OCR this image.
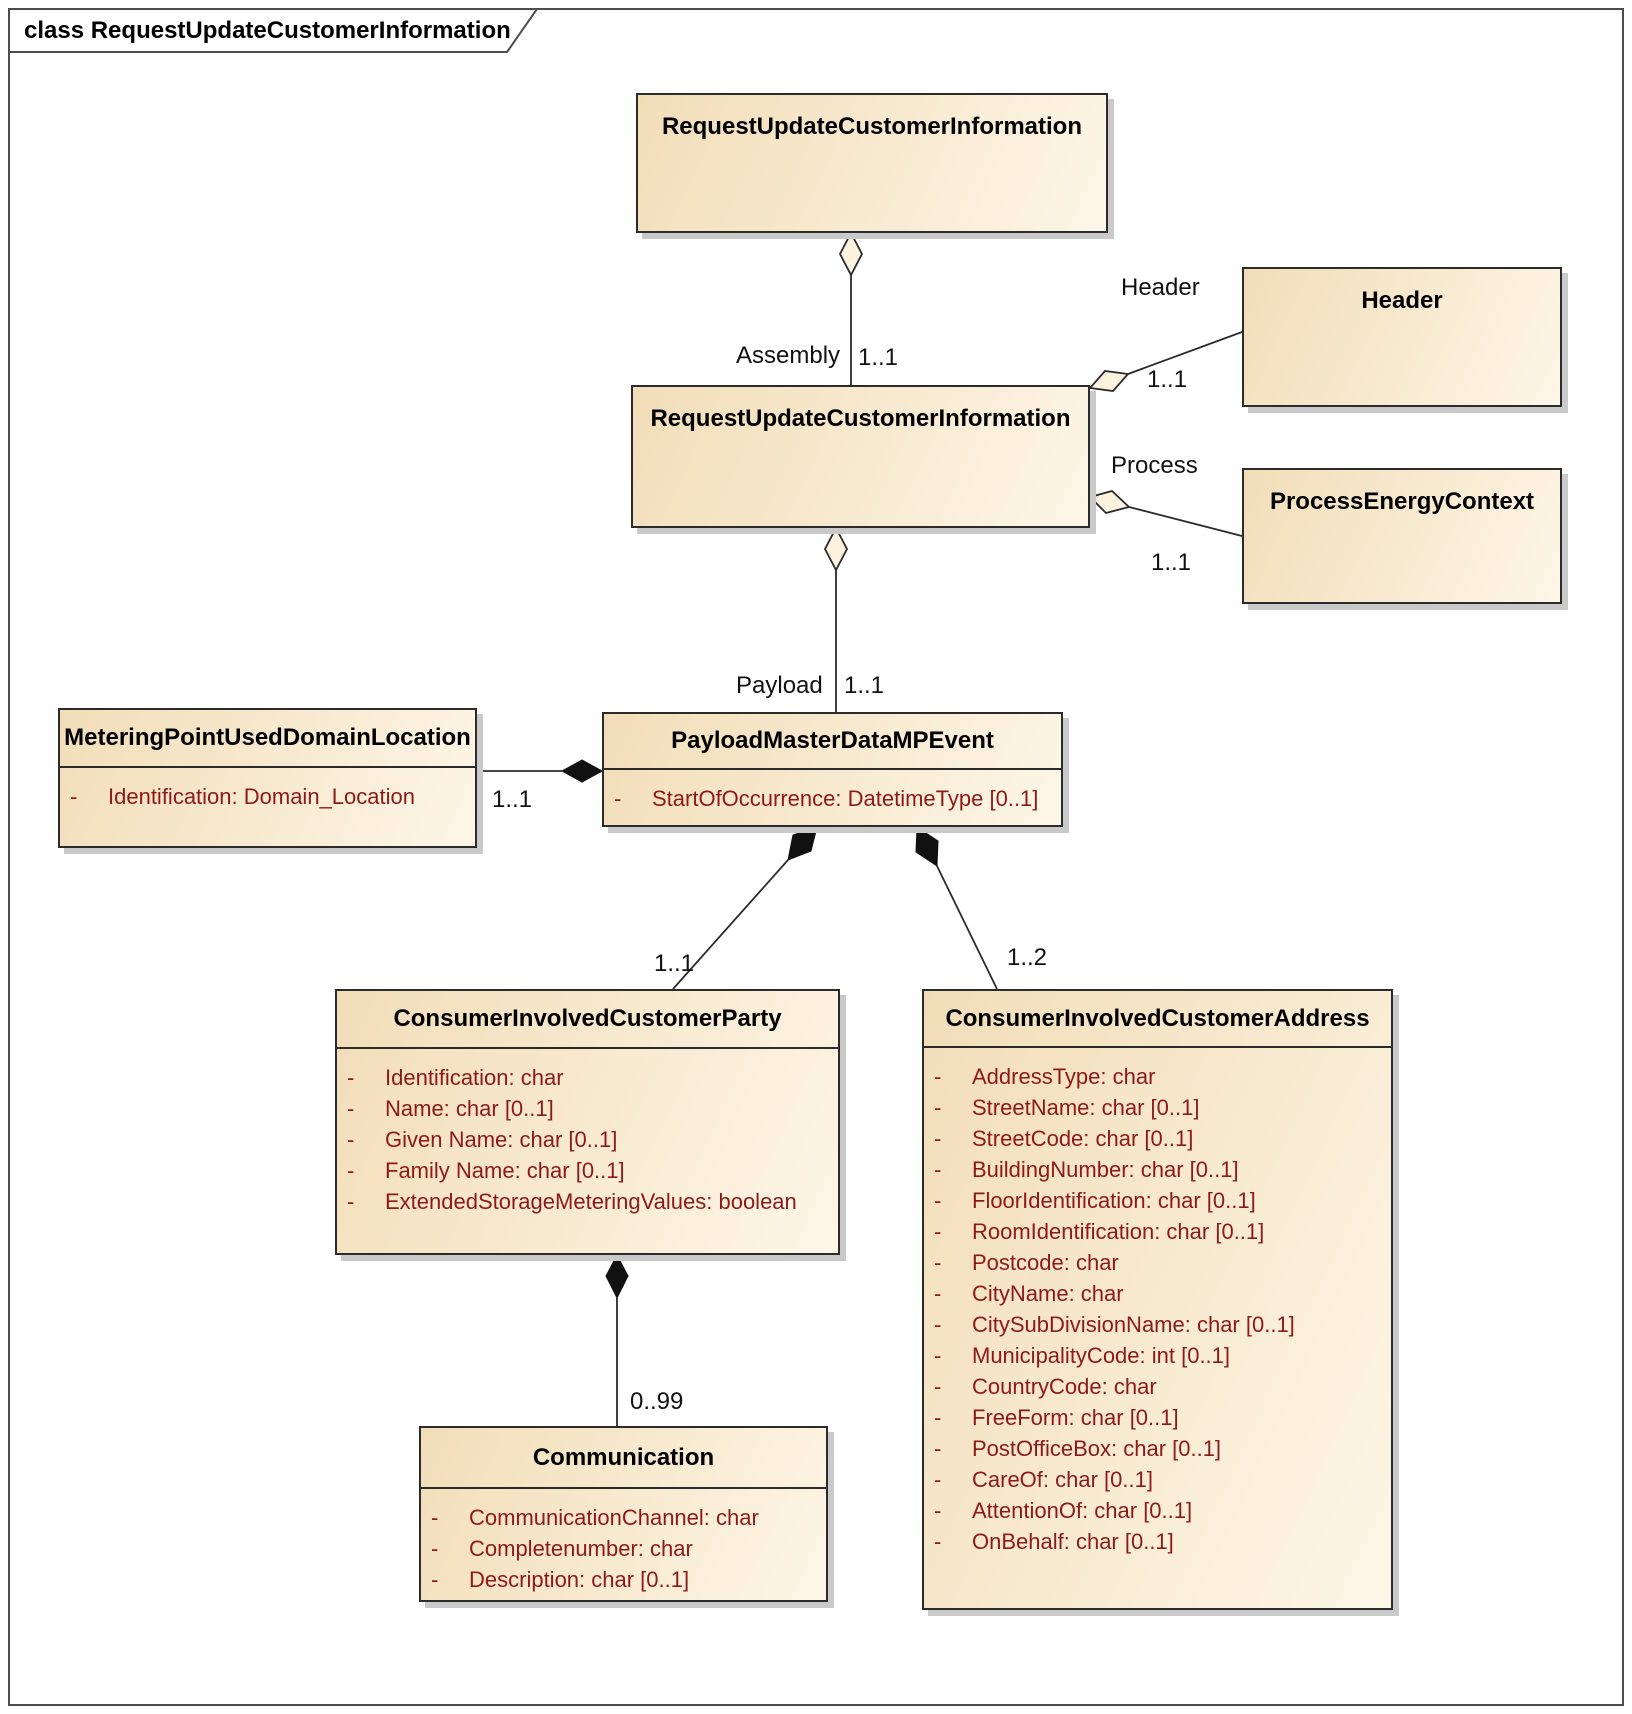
class RequestUpdateCustomerInformation
RequestUpdateCustomerInformation
RequestUpdateCustomerInformation
Header
ProcessEnergyContext
PayloadMasterDataMPEvent
- StartOfOccurrence: DatetimeType [0..1]
MeteringPointUsedDomainLocation
- Identification: Domain_Location
ConsumerInvolvedCustomerParty
- Identification: char
- Name: char [0..1]
- Given Name: char [0..1]
- Family Name: char [0..1]
- ExtendedStorageMeteringValues: boolean
ConsumerInvolvedCustomerAddress
- AddressType: char
- StreetName: char [0..1]
- StreetCode: char [0..1]
- BuildingNumber: char [0..1]
- FloorIdentification: char [0..1]
- RoomIdentification: char [0..1]
- Postcode: char
- CityName: char
- CitySubDivisionName: char [0..1]
- MunicipalityCode: int [0..1]
- CountryCode: char
- FreeForm: char [0..1]
- PostOfficeBox: char [0..1]
- CareOf: char [0..1]
- AttentionOf: char [0..1]
- OnBehalf: char [0..1]
Communication
- CommunicationChannel: char
- Completenumber: char
- Description: char [0..1]
Assembly 1..1
Header
1..1
Process
1..1
Payload 1..1
1..1
1..1	1..2
0..99
